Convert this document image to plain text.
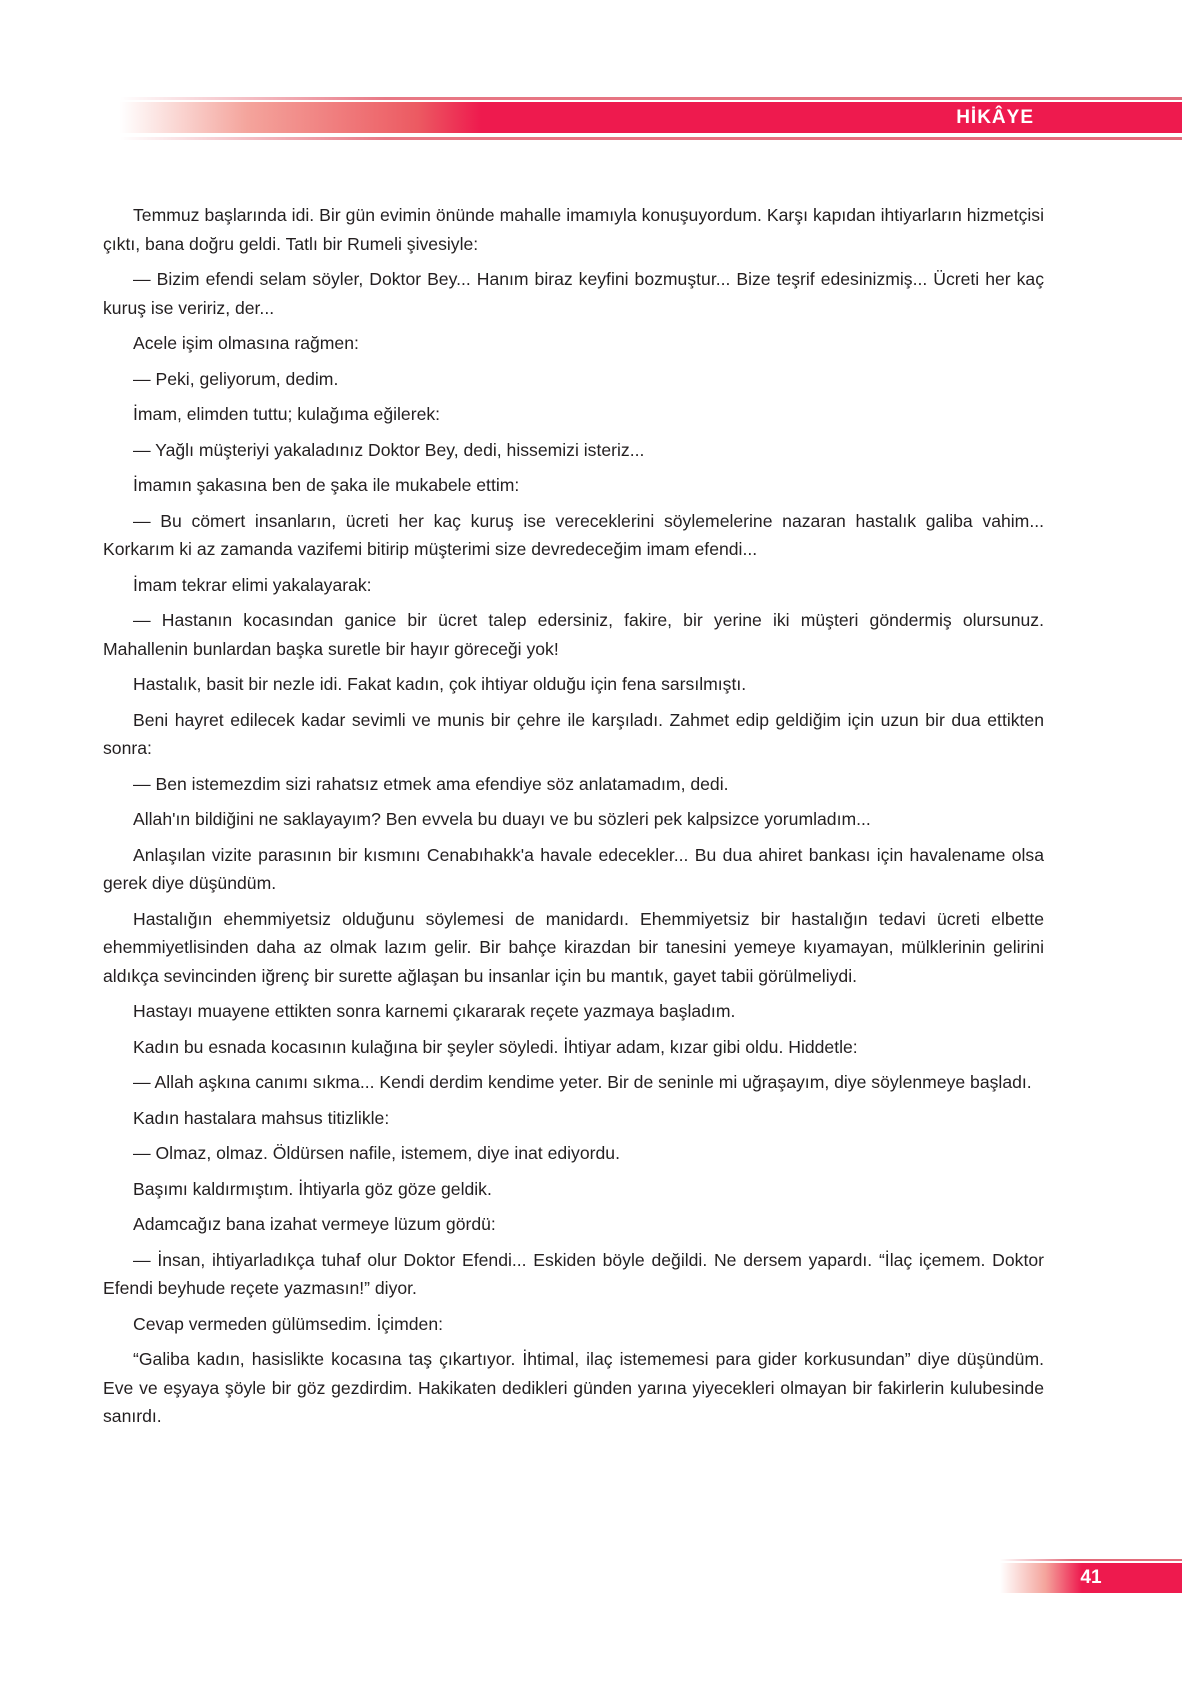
HİKÂYE

Temmuz başlarında idi. Bir gün evimin önünde mahalle imamıyla konuşuyordum. Karşı kapıdan ihtiyarların hizmetçisi çıktı, bana doğru geldi. Tatlı bir Rumeli şivesiyle:

— Bizim efendi selam söyler, Doktor Bey... Hanım biraz keyfini bozmuştur... Bize teşrif edesinizmiş... Ücreti her kaç kuruş ise veririz, der...

Acele işim olmasına rağmen:

— Peki, geliyorum, dedim.

İmam, elimden tuttu; kulağıma eğilerek:

— Yağlı müşteriyi yakaladınız Doktor Bey, dedi, hissemizi isteriz...

İmamın şakasına ben de şaka ile mukabele ettim:

— Bu cömert insanların, ücreti her kaç kuruş ise vereceklerini söylemelerine nazaran hastalık galiba vahim... Korkarım ki az zamanda vazifemi bitirip müşterimi size devredeceğim imam efendi...

İmam tekrar elimi yakalayarak:

— Hastanın kocasından ganice bir ücret talep edersiniz, fakire, bir yerine iki müşteri göndermiş olursunuz. Mahallenin bunlardan başka suretle bir hayır göreceği yok!

Hastalık, basit bir nezle idi. Fakat kadın, çok ihtiyar olduğu için fena sarsılmıştı.

Beni hayret edilecek kadar sevimli ve munis bir çehre ile karşıladı. Zahmet edip geldiğim için uzun bir dua ettikten sonra:

— Ben istemezdim sizi rahatsız etmek ama efendiye söz anlatamadım, dedi.

Allah'ın bildiğini ne saklayayım? Ben evvela bu duayı ve bu sözleri pek kalpsizce yorumladım...

Anlaşılan vizite parasının bir kısmını Cenabıhakk'a havale edecekler... Bu dua ahiret bankası için havalename olsa gerek diye düşündüm.

Hastalığın ehemmiyetsiz olduğunu söylemesi de manidardı. Ehemmiyetsiz bir hastalığın tedavi ücreti elbette ehemmiyetlisinden daha az olmak lazım gelir. Bir bahçe kirazdan bir tanesini yemeye kıyamayan, mülklerinin gelirini aldıkça sevincinden iğrenç bir surette ağlaşan bu insanlar için bu mantık, gayet tabii görülmeliydi.

Hastayı muayene ettikten sonra karnemi çıkararak reçete yazmaya başladım.

Kadın bu esnada kocasının kulağına bir şeyler söyledi. İhtiyar adam, kızar gibi oldu. Hiddetle:

— Allah aşkına canımı sıkma... Kendi derdim kendime yeter. Bir de seninle mi uğraşayım, diye söylenmeye başladı.

Kadın hastalara mahsus titizlikle:

— Olmaz, olmaz. Öldürsen nafile, istemem, diye inat ediyordu.

Başımı kaldırmıştım. İhtiyarla göz göze geldik.

Adamcağız bana izahat vermeye lüzum gördü:

— İnsan, ihtiyarladıkça tuhaf olur Doktor Efendi... Eskiden böyle değildi. Ne dersem yapardı. “İlaç içemem. Doktor Efendi beyhude reçete yazmasın!” diyor.

Cevap vermeden gülümsedim. İçimden:

“Galiba kadın, hasislikte kocasına taş çıkartıyor. İhtimal, ilaç istememesi para gider korkusundan” diye düşündüm. Eve ve eşyaya şöyle bir göz gezdirdim. Hakikaten dedikleri günden yarına yiyecekleri olmayan bir fakirlerin kulubesinde sanırdı.

41
